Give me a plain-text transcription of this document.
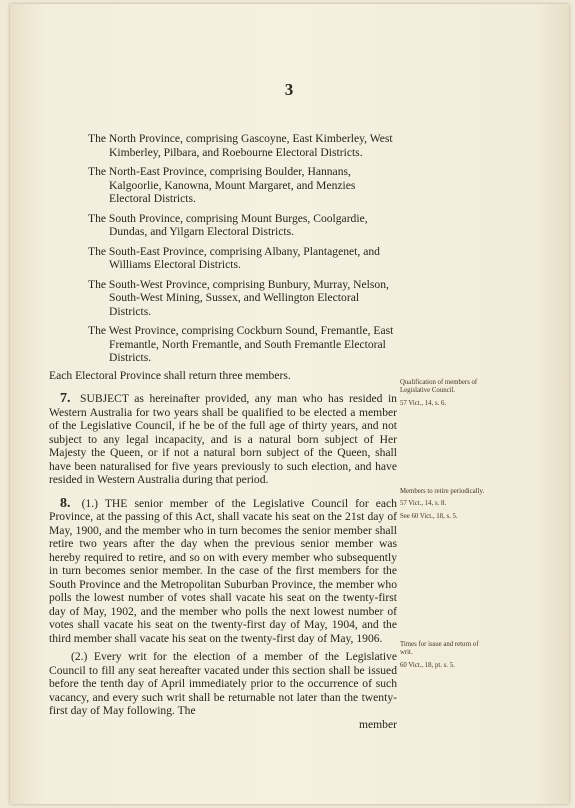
3

The North Province, comprising Gascoyne, East Kimberley, West Kimberley, Pilbara, and Roebourne Electoral Districts.

The North-East Province, comprising Boulder, Hannans, Kalgoorlie, Kanowna, Mount Margaret, and Menzies Electoral Districts.

The South Province, comprising Mount Burges, Coolgardie, Dundas, and Yilgarn Electoral Districts.

The South-East Province, comprising Albany, Plantagenet, and Williams Electoral Districts.

The South-West Province, comprising Bunbury, Murray, Nelson, South-West Mining, Sussex, and Wellington Electoral Districts.

The West Province, comprising Cockburn Sound, Fremantle, East Fremantle, North Fremantle, and South Fremantle Electoral Districts.

Each Electoral Province shall return three members.

7. SUBJECT as hereinafter provided, any man who has resided in Western Australia for two years shall be qualified to be elected a member of the Legislative Council, if he be of the full age of thirty years, and not subject to any legal incapacity, and is a natural born subject of Her Majesty the Queen, or if not a natural born subject of the Queen, shall have been naturalised for five years previously to such election, and have resided in Western Australia during that period.

8. (1.) THE senior member of the Legislative Council for each Province, at the passing of this Act, shall vacate his seat on the 21st day of May, 1900, and the member who in turn becomes the senior member shall retire two years after the day when the previous senior member was hereby required to retire, and so on with every member who subsequently in turn becomes senior member. In the case of the first members for the South Province and the Metropolitan Suburban Province, the member who polls the lowest number of votes shall vacate his seat on the twenty-first day of May, 1902, and the member who polls the next lowest number of votes shall vacate his seat on the twenty-first day of May, 1904, and the third member shall vacate his seat on the twenty-first day of May, 1906.

(2.) Every writ for the election of a member of the Legislative Council to fill any seat hereafter vacated under this section shall be issued before the tenth day of April immediately prior to the occurrence of such vacancy, and every such writ shall be returnable not later than the twenty-first day of May following. The

member

Qualification of members of Legislative Council.
57 Vict., 14, s. 6.
Members to retire periodically.
57 Vict., 14, s. 8.
See 60 Vict., 18, s. 5.
Times for issue and return of writ.
60 Vict., 18, pt. s. 5.
